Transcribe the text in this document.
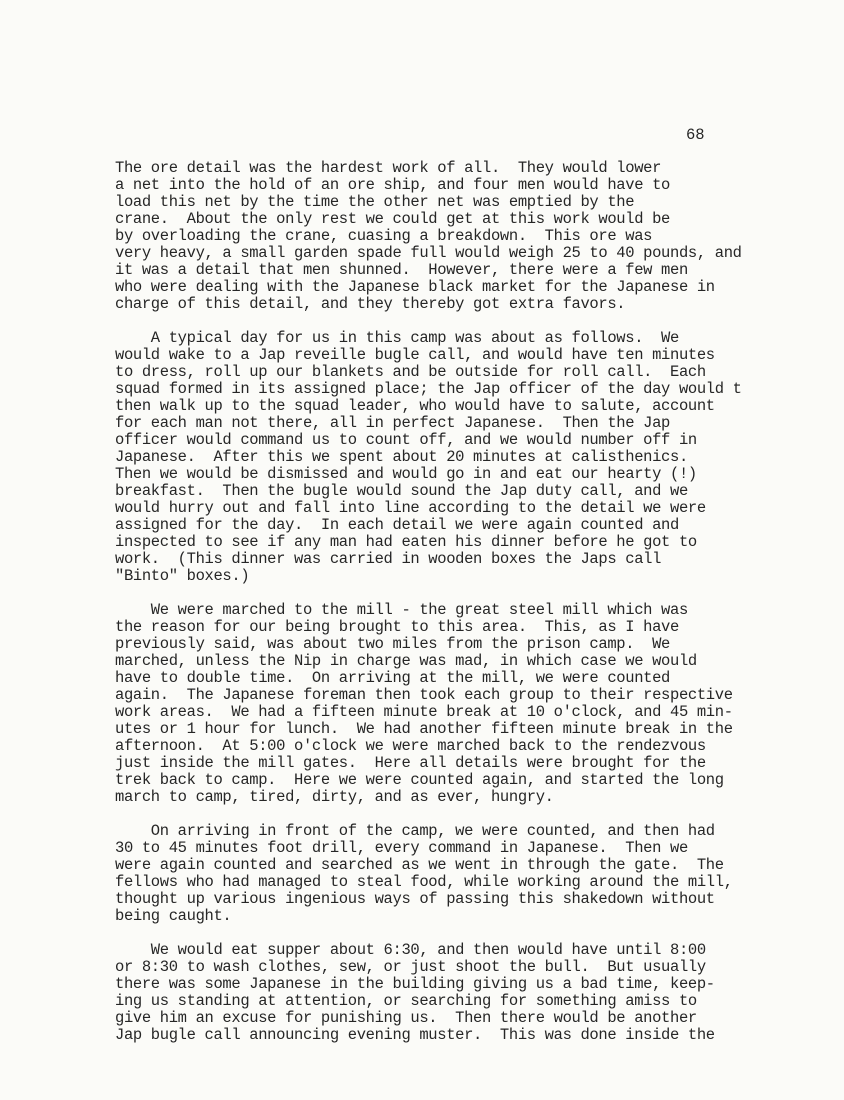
68

The ore detail was the hardest work of all.  They would lower
a net into the hold of an ore ship, and four men would have to
load this net by the time the other net was emptied by the
crane.  About the only rest we could get at this work would be
by overloading the crane, cuasing a breakdown.  This ore was
very heavy, a small garden spade full would weigh 25 to 40 pounds, and
it was a detail that men shunned.  However, there were a few men
who were dealing with the Japanese black market for the Japanese in
charge of this detail, and they thereby got extra favors.
A typical day for us in this camp was about as follows.  We
would wake to a Jap reveille bugle call, and would have ten minutes
to dress, roll up our blankets and be outside for roll call.  Each
squad formed in its assigned place; the Jap officer of the day would t
then walk up to the squad leader, who would have to salute, account
for each man not there, all in perfect Japanese.  Then the Jap
officer would command us to count off, and we would number off in
Japanese.  After this we spent about 20 minutes at calisthenics.
Then we would be dismissed and would go in and eat our hearty (!)
breakfast.  Then the bugle would sound the Jap duty call, and we
would hurry out and fall into line according to the detail we were
assigned for the day.  In each detail we were again counted and
inspected to see if any man had eaten his dinner before he got to
work.  (This dinner was carried in wooden boxes the Japs call
"Binto" boxes.)
We were marched to the mill - the great steel mill which was
the reason for our being brought to this area.  This, as I have
previously said, was about two miles from the prison camp.  We
marched, unless the Nip in charge was mad, in which case we would
have to double time.  On arriving at the mill, we were counted
again.  The Japanese foreman then took each group to their respective
work areas.  We had a fifteen minute break at 10 o'clock, and 45 min-
utes or 1 hour for lunch.  We had another fifteen minute break in the
afternoon.  At 5:00 o'clock we were marched back to the rendezvous
just inside the mill gates.  Here all details were brought for the
trek back to camp.  Here we were counted again, and started the long
march to camp, tired, dirty, and as ever, hungry.
On arriving in front of the camp, we were counted, and then had
30 to 45 minutes foot drill, every command in Japanese.  Then we
were again counted and searched as we went in through the gate.  The
fellows who had managed to steal food, while working around the mill,
thought up various ingenious ways of passing this shakedown without
being caught.
We would eat supper about 6:30, and then would have until 8:00
or 8:30 to wash clothes, sew, or just shoot the bull.  But usually
there was some Japanese in the building giving us a bad time, keep-
ing us standing at attention, or searching for something amiss to
give him an excuse for punishing us.  Then there would be another
Jap bugle call announcing evening muster.  This was done inside the
